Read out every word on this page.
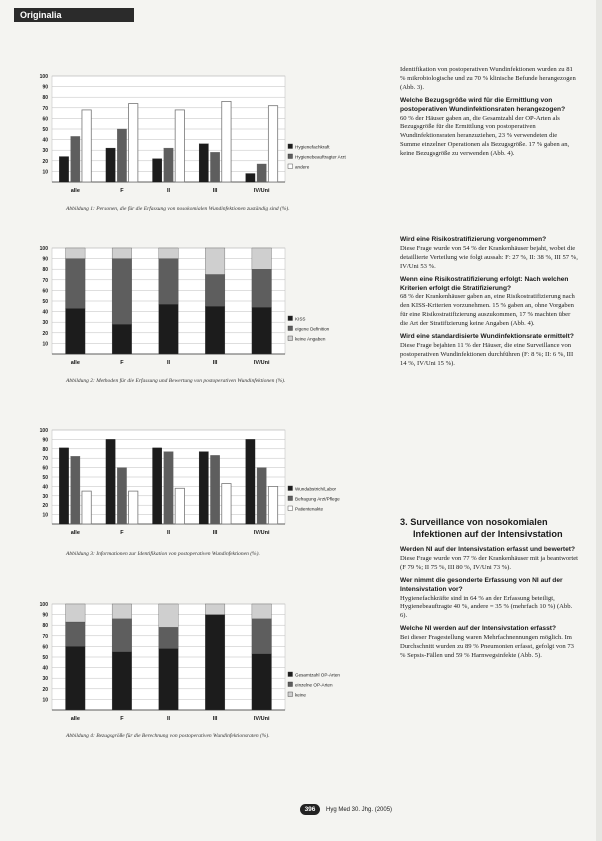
Originalia
10
20
30
40
50
60
70
80
90
100
alle	F	II	III	IV/Uni
Hygienefachkraft
Hygienebeauftragter Arzt
andere
Abbildung 1: Personen, die für die Erfassung von nosokomialen Wundinfektionen zuständig sind (%).
10
20
30
40
50
60
70
80
90
100
alle	F	II	III	IV/Uni
KISS
eigene Definition
keine Angaben
Abbildung 2: Methoden für die Erfassung und Bewertung von postoperativen Wundinfektionen (%).
10
20
30
40
50
60
70
80
90
100
alle	F	II	III	IV/Uni
Wundabstrich/Labor
Befragung Arzt/Pflege
Patientenakte
Abbildung 3: Informationen zur Identifikation von postoperativen Wundinfektionen (%).
10
20
30
40
50
60
70
80
90
100
alle	F	II	III	IV/Uni
Gesamtzahl OP-Arten
einzelne OP-Arten
keine
Abbildung 4: Bezugsgröße für die Berechnung von postoperativen Wundinfektionsraten (%).

Identifikation von postoperativen Wundinfektionen wurden zu 81 % mikrobiologische und zu 70 % klinische Befunde herangezogen (Abb. 3).

Welche Bezugsgröße wird für die Ermittlung von postoperativen Wundinfektionsraten herangezogen?

60 % der Häuser gaben an, die Gesamtzahl der OP-Arten als Bezugsgröße für die Ermittlung von postoperativen Wundinfektionsraten heranzuziehen, 23 % verwendeten die Summe einzelner Operationen als Bezugsgröße. 17 % gaben an, keine Bezugsgröße zu verwenden (Abb. 4).

Wird eine Risikostratifizierung vorgenommen?

Diese Frage wurde von 54 % der Krankenhäuser bejaht, wobei die detaillierte Verteilung wie folgt aussah: F: 27 %, II: 38 %, III 57 %, IV/Uni 53 %.

Wenn eine Risikostratifizierung erfolgt: Nach welchen Kriterien erfolgt die Stratifizierung?

68 % der Krankenhäuser gaben an, eine Risikostratifizierung nach den KISS-Kriterien vorzunehmen. 15 % gaben an, ohne Vorgaben für eine Risikostratifizierung auszukommen, 17 % machten über die Art der Stratifizierung keine Angaben (Abb. 4).

Wird eine standardisierte Wundinfektionsrate ermittelt?

Diese Frage bejahten 11 % der Häuser, die eine Surveillance von postoperativen Wundinfektionen durchführen (F: 8 %; II: 6 %, III 14 %, IV/Uni 15 %).

3. Surveillance von nosokomialen
Infektionen auf der Intensivstation
Werden NI auf der Intensivstation erfasst und bewertet?

Diese Frage wurde von 77 % der Krankenhäuser mit ja beantwortet (F 79 %; II 75 %, III 80 %, IV/Uni 73 %).

Wer nimmt die gesonderte Erfassung von NI auf der Intensivstation vor?

Hygienefachkräfte sind in 64 % an der Erfassung beteiligt, Hygienebeauftragte 40 %, andere = 35 % (mehrfach 10 %) (Abb. 6).

Welche NI werden auf der Intensivstation erfasst?

Bei dieser Fragestellung waren Mehrfachnennungen möglich. Im Durchschnitt wurden zu 89 % Pneumonien erfasst, gefolgt von 73 % Sepsis-Fällen und 59 % Harnwegsinfekte (Abb. 5).

396	Hyg Med 30. Jhg. (2005)
